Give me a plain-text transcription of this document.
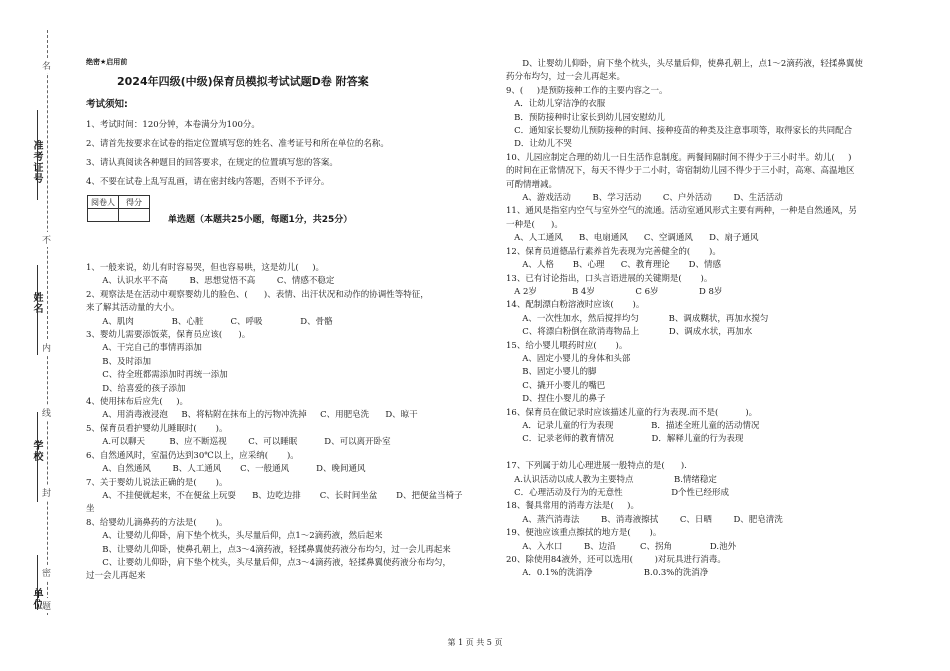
准考证号
姓名
学校
单位
名
不
内
线
封
密
题
绝密★启用前
2024年四级(中级)保育员模拟考试试题D卷 附答案
考试须知:
1、考试时间：120分钟，本卷满分为100分。
2、请首先按要求在试卷的指定位置填写您的姓名、准考证号和所在单位的名称。
3、请认真阅读各种题目的回答要求，在规定的位置填写您的答案。
4、不要在试卷上乱写乱画，请在密封线内答题，否则不予评分。
阅卷人	得分

单选题（本题共25小题，每题1分，共25分）

1、一般来说，幼儿有时容易哭，但也容易哄，这是幼儿(     )。

A、认识水平不高        B、思想觉悟不高        C、情感不稳定

2、观察法是在活动中观察婴幼儿的脸色、(      )、表情、出汗状况和动作的协调性等特征，

来了解其活动量的大小。

A、肌肉              B、心脏          C、呼吸              D、骨骼

3、婴幼儿需要添饭菜，保育员应该(      )。

A、干完自己的事情再添加

B、及时添加

C、待全班都需添加时再统一添加

D、给喜爱的孩子添加

4、使用抹布后应先(     )。

A、用消毒液浸泡     B、将粘附在抹布上的污物冲洗掉     C、用肥皂洗      D、晾干

5、保育员看护婴幼儿睡眠时(       )。

A.可以聊天         B、应不断巡视        C、可以睡眠          D、可以离开卧室

6、自然通风时，室温仍达到30℃以上，应采纳(       )。

A、自然通风        B、人工通风       C、一般通风          D、晚间通风

7、关于婴幼儿说法正确的是(       )。

A、不挂便就起来，不在便盆上玩耍      B、边吃边排       C、长时间坐盆       D、把便盆当椅子

坐

8、给婴幼儿滴鼻药的方法是(       )。

A、让婴幼儿仰卧，肩下垫个枕头，头尽量后仰，点1～2滴药液，然后起来

B、让婴幼儿仰卧，使鼻孔朝上，点3～4滴药液，轻揉鼻翼使药液分布均匀，过一会儿再起来

C、让婴幼儿仰卧，肩下垫个枕头，头尽量后仰，点3～4滴药液，轻揉鼻翼使药液分布均匀，

过一会儿再起来

D、让婴幼儿仰卧，肩下垫个枕头，头尽量后仰，使鼻孔朝上，点1～2滴药液，轻揉鼻翼使

药分布均匀，过一会儿再起来。

9、(     )是预防接种工作的主要内容之一。

A．让幼儿穿洁净的衣服

B．预防接种时让家长到幼儿园安慰幼儿

C．通知家长婴幼儿预防接种的时间、接种疫苗的种类及注意事项等，取得家长的共同配合

D．让幼儿不哭

10、儿园应制定合理的幼儿一日生活作息制度。两餐间隔时间不得少于三小时半。幼儿(     )

的时间在正常情况下，每天不得少于二小时，寄宿制幼儿园不得少于三小时，高寒、高温地区

可酌情增减。

A、游戏活动        B、学习活动        C、户外活动        D、生活活动

11、通风是指室内空气与室外空气的流通。活动室通风形式主要有两种，一种是自然通风，另

一种是(      )。

A、人工通风      B、电扇通风      C、空调通风      D、扇子通风

12、保育员道德品行素养首先表现为完善健全的(       )。

A、人格       B、心理      C、教育理论       D、情感

13、已有讨论指出，口头言语进展的关键期是(       )。

A 2岁             B 4岁               C 6岁               D 8岁

14、配制漂白粉溶液时应该(       )。

A、一次性加水，然后搅拌均匀           B、调成糊状，再加水搅匀

C、将漂白粉倒在欲消毒物品上           D、调成水状，再加水

15、给小婴儿喂药时应(       )。

A、固定小婴儿的身体和头部

B、固定小婴儿的脚

C、撬开小婴儿的嘴巴

D、捏住小婴儿的鼻子

16、保育员在做记录时应该描述儿童的行为表现.而不是(          )。

A．记录儿童的行为表现              B．描述全班儿童的活动情况

C．记录老师的教育情况              D．解释儿童的行为表现

17、下列属于幼儿心理进展一般特点的是(      ).

A.认识活动以成人教为主要特点               B.情绪稳定

C．心理活动及行为的无意性                  D个性已经形成

18、餐具常用的消毒方法是(     )。

A、蒸汽消毒法        B、消毒液擦拭        C、日晒        D、肥皂清洗

19、便池应该重点擦拭的地方是(       )。

A、入水口        B、边沿         C、拐角              D.池外

20、除使用84液外，还可以选用(        )对玩具进行消毒。

A．0.1%的洗消净                   B.0.3%的洗消净

第 1 页 共 5 页
